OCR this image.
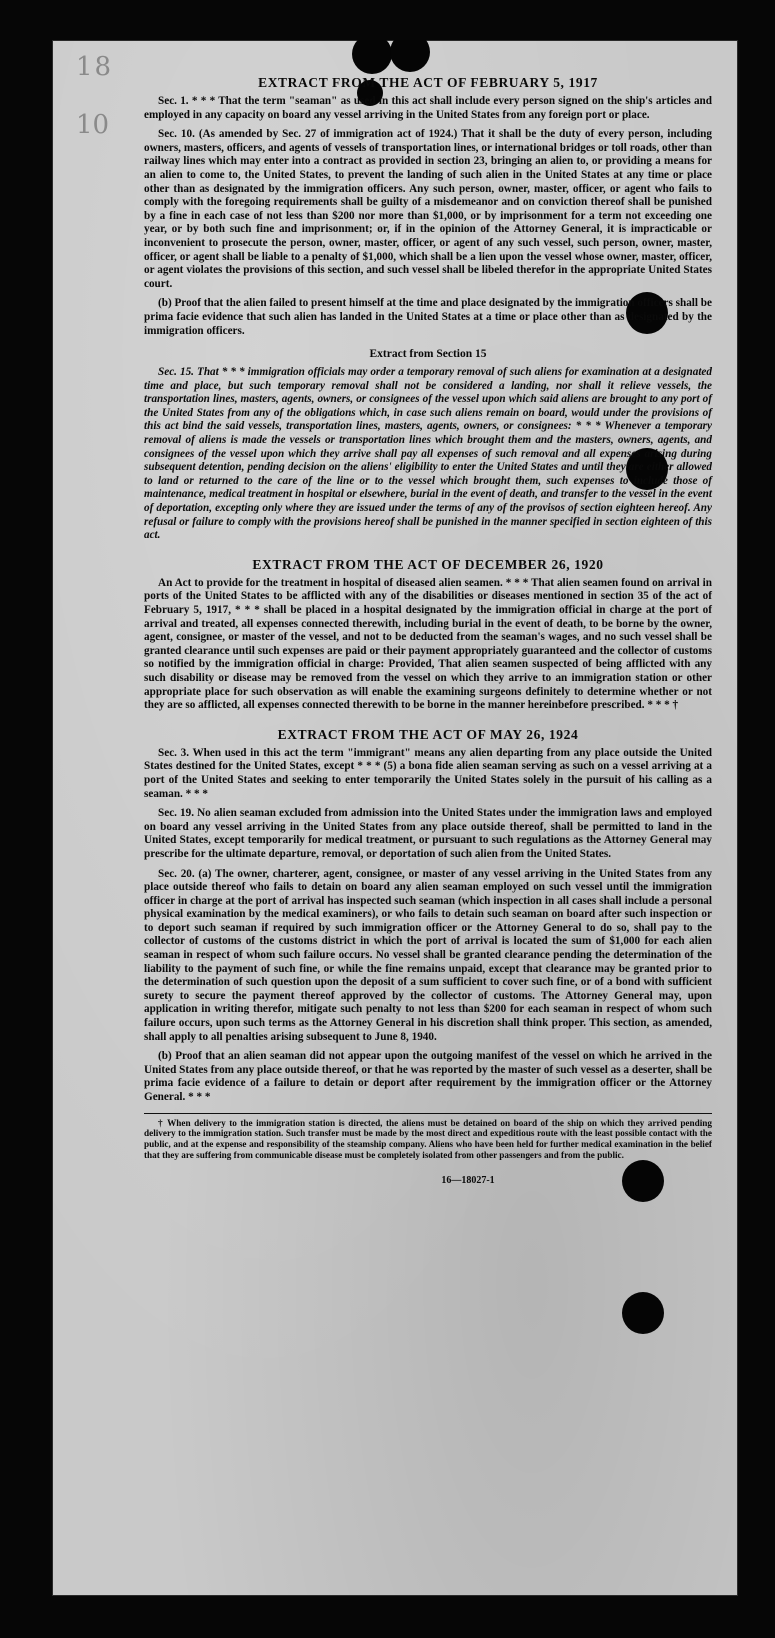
18
10
EXTRACT FROM THE ACT OF FEBRUARY 5, 1917

Sec. 1. * * * That the term "seaman" as used in this act shall include every person signed on the ship's articles and employed in any capacity on board any vessel arriving in the United States from any foreign port or place.

Sec. 10. (As amended by Sec. 27 of immigration act of 1924.) That it shall be the duty of every person, including owners, masters, officers, and agents of vessels of transportation lines, or international bridges or toll roads, other than railway lines which may enter into a contract as provided in section 23, bringing an alien to, or providing a means for an alien to come to, the United States, to prevent the landing of such alien in the United States at any time or place other than as designated by the immigration officers. Any such person, owner, master, officer, or agent who fails to comply with the foregoing requirements shall be guilty of a misdemeanor and on conviction thereof shall be punished by a fine in each case of not less than $200 nor more than $1,000, or by imprisonment for a term not exceeding one year, or by both such fine and imprisonment; or, if in the opinion of the Attorney General, it is impracticable or inconvenient to prosecute the person, owner, master, officer, or agent of any such vessel, such person, owner, master, officer, or agent shall be liable to a penalty of $1,000, which shall be a lien upon the vessel whose owner, master, officer, or agent violates the provisions of this section, and such vessel shall be libeled therefor in the appropriate United States court.

(b) Proof that the alien failed to present himself at the time and place designated by the immigration officers shall be prima facie evidence that such alien has landed in the United States at a time or place other than as designated by the immigration officers.

Extract from Section 15

Sec. 15. That * * * immigration officials may order a temporary removal of such aliens for examination at a designated time and place, but such temporary removal shall not be considered a landing, nor shall it relieve vessels, the transportation lines, masters, agents, owners, or consignees of the vessel upon which said aliens are brought to any port of the United States from any of the obligations which, in case such aliens remain on board, would under the provisions of this act bind the said vessels, transportation lines, masters, agents, owners, or consignees: * * * Whenever a temporary removal of aliens is made the vessels or transportation lines which brought them and the masters, owners, agents, and consignees of the vessel upon which they arrive shall pay all expenses of such removal and all expenses arising during subsequent detention, pending decision on the aliens' eligibility to enter the United States and until they are either allowed to land or returned to the care of the line or to the vessel which brought them, such expenses to include those of maintenance, medical treatment in hospital or elsewhere, burial in the event of death, and transfer to the vessel in the event of deportation, excepting only where they are issued under the terms of any of the provisos of section eighteen hereof. Any refusal or failure to comply with the provisions hereof shall be punished in the manner specified in section eighteen of this act.

EXTRACT FROM THE ACT OF DECEMBER 26, 1920

An Act to provide for the treatment in hospital of diseased alien seamen. * * * That alien seamen found on arrival in ports of the United States to be afflicted with any of the disabilities or diseases mentioned in section 35 of the act of February 5, 1917, * * * shall be placed in a hospital designated by the immigration official in charge at the port of arrival and treated, all expenses connected therewith, including burial in the event of death, to be borne by the owner, agent, consignee, or master of the vessel, and not to be deducted from the seaman's wages, and no such vessel shall be granted clearance until such expenses are paid or their payment appropriately guaranteed and the collector of customs so notified by the immigration official in charge: Provided, That alien seamen suspected of being afflicted with any such disability or disease may be removed from the vessel on which they arrive to an immigration station or other appropriate place for such observation as will enable the examining surgeons definitely to determine whether or not they are so afflicted, all expenses connected therewith to be borne in the manner hereinbefore prescribed. * * * †

EXTRACT FROM THE ACT OF MAY 26, 1924

Sec. 3. When used in this act the term "immigrant" means any alien departing from any place outside the United States destined for the United States, except * * * (5) a bona fide alien seaman serving as such on a vessel arriving at a port of the United States and seeking to enter temporarily the United States solely in the pursuit of his calling as a seaman. * * *

Sec. 19. No alien seaman excluded from admission into the United States under the immigration laws and employed on board any vessel arriving in the United States from any place outside thereof, shall be permitted to land in the United States, except temporarily for medical treatment, or pursuant to such regulations as the Attorney General may prescribe for the ultimate departure, removal, or deportation of such alien from the United States.

Sec. 20. (a) The owner, charterer, agent, consignee, or master of any vessel arriving in the United States from any place outside thereof who fails to detain on board any alien seaman employed on such vessel until the immigration officer in charge at the port of arrival has inspected such seaman (which inspection in all cases shall include a personal physical examination by the medical examiners), or who fails to detain such seaman on board after such inspection or to deport such seaman if required by such immigration officer or the Attorney General to do so, shall pay to the collector of customs of the customs district in which the port of arrival is located the sum of $1,000 for each alien seaman in respect of whom such failure occurs. No vessel shall be granted clearance pending the determination of the liability to the payment of such fine, or while the fine remains unpaid, except that clearance may be granted prior to the determination of such question upon the deposit of a sum sufficient to cover such fine, or of a bond with sufficient surety to secure the payment thereof approved by the collector of customs. The Attorney General may, upon application in writing therefor, mitigate such penalty to not less than $200 for each seaman in respect of whom such failure occurs, upon such terms as the Attorney General in his discretion shall think proper. This section, as amended, shall apply to all penalties arising subsequent to June 8, 1940.

(b) Proof that an alien seaman did not appear upon the outgoing manifest of the vessel on which he arrived in the United States from any place outside thereof, or that he was reported by the master of such vessel as a deserter, shall be prima facie evidence of a failure to detain or deport after requirement by the immigration officer or the Attorney General. * * *

† When delivery to the immigration station is directed, the aliens must be detained on board of the ship on which they arrived pending delivery to the immigration station. Such transfer must be made by the most direct and expeditious route with the least possible contact with the public, and at the expense and responsibility of the steamship company. Aliens who have been held for further medical examination in the belief that they are suffering from communicable disease must be completely isolated from other passengers and from the public.

16—18027-1
